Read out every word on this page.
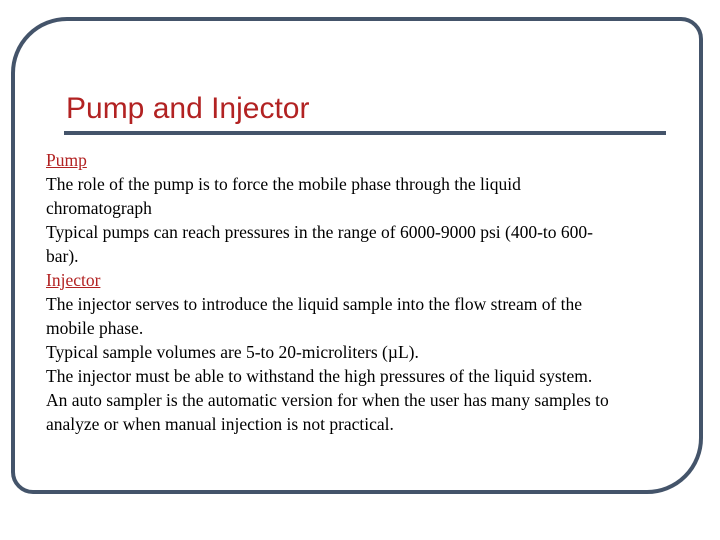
Pump and Injector
Pump
The role of the pump is to force the mobile phase through the liquid
chromatograph
Typical pumps can reach pressures in the range of 6000-9000 psi (400-to 600-
bar).
Injector
The injector serves to introduce the liquid sample into the flow stream of the
mobile phase.
Typical sample volumes are 5-to 20-microliters (µL).
The injector must be able to withstand the high pressures of the liquid system.
An auto sampler is the automatic version for when the user has many samples to
analyze or when manual injection is not practical.
